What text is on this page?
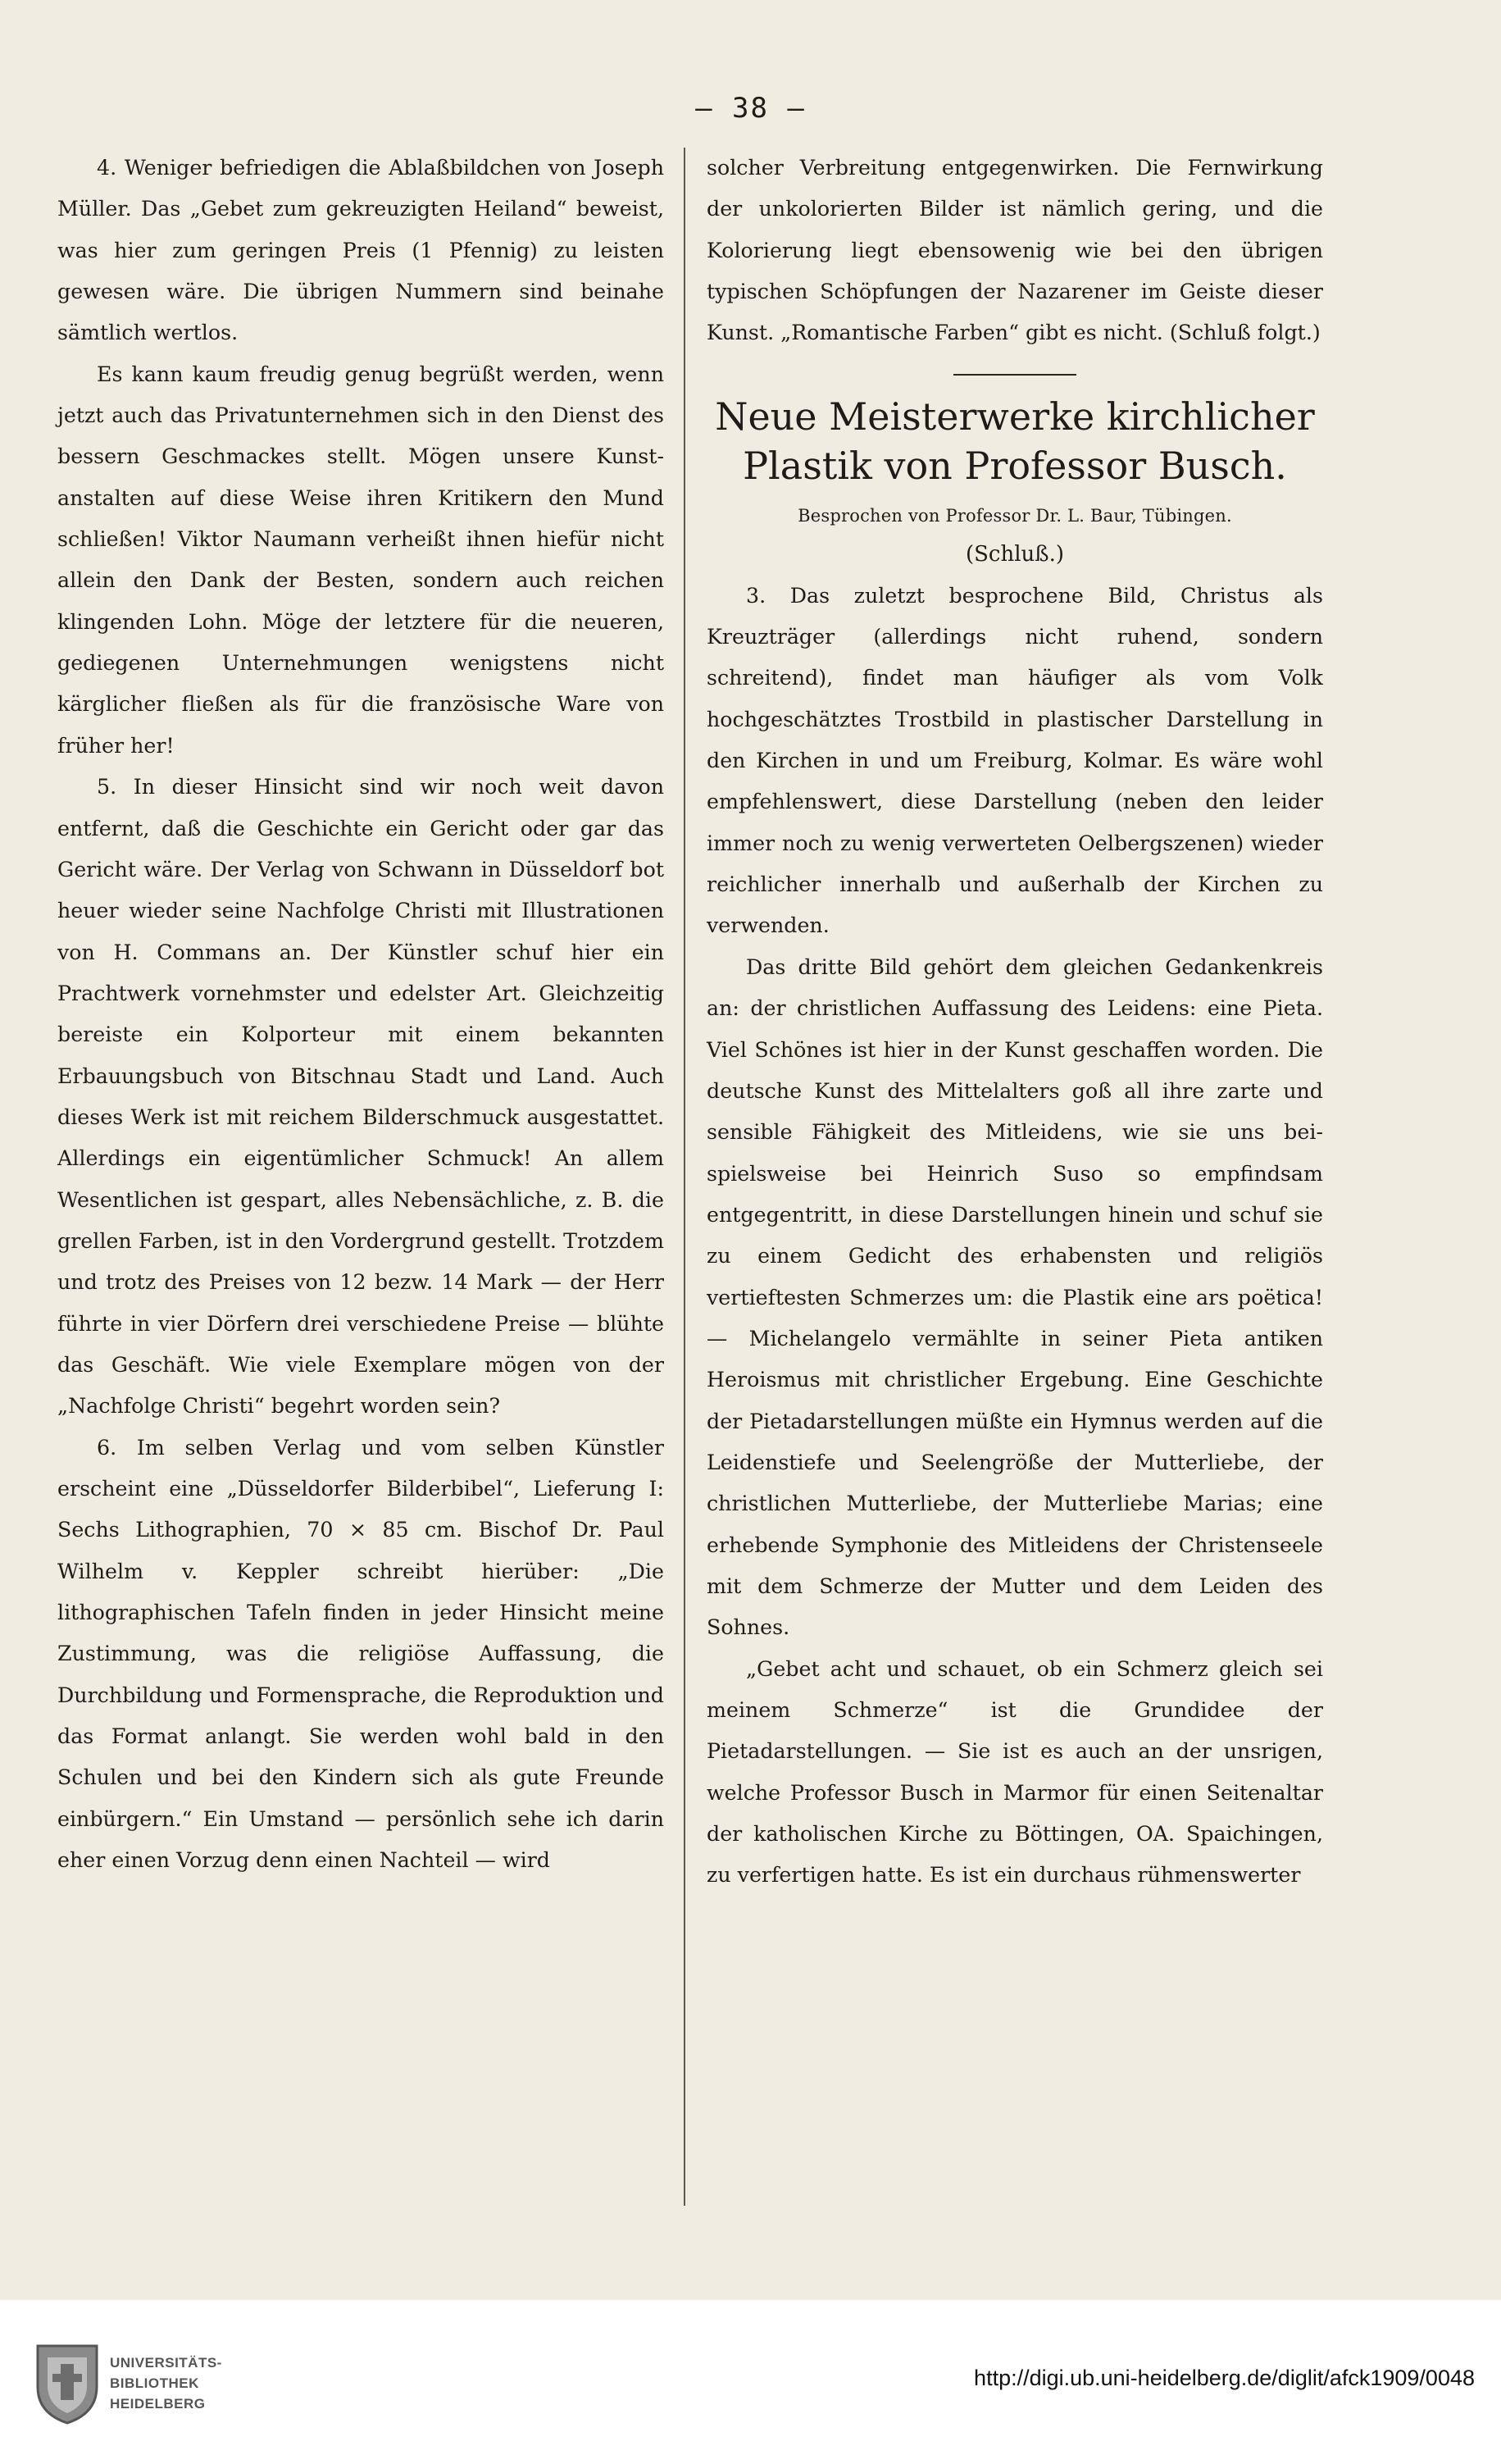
— 38 —

4. Weniger befriedigen die Ablaßbildchen von Joseph Müller. Das „Gebet zum gekreuzigten Heiland“ beweist, was hier zum geringen Preis (1 Pfennig) zu leisten gewesen wäre. Die übrigen Nummern sind beinahe sämtlich wertlos.

Es kann kaum freudig genug begrüßt werden, wenn jetzt auch das Privatunternehmen sich in den Dienst des bessern Geschmackes stellt. Mögen unsere Kunstanstalten auf diese Weise ihren Kritikern den Mund schließen! Viktor Naumann verheißt ihnen hiefür nicht allein den Dank der Besten, sondern auch reichen klingenden Lohn. Möge der letztere für die neueren, gediegenen Unternehmungen wenigstens nicht kärglicher fließen als für die französische Ware von früher her!

5. In dieser Hinsicht sind wir noch weit davon entfernt, daß die Geschichte ein Gericht oder gar das Gericht wäre. Der Verlag von Schwann in Düsseldorf bot heuer wieder seine Nachfolge Christi mit Illustrationen von H. Commans an. Der Künstler schuf hier ein Prachtwerk vornehmster und edelster Art. Gleichzeitig bereiste ein Kolporteur mit einem bekannten Erbauungsbuch von Bitschnau Stadt und Land. Auch dieses Werk ist mit reichem Bilderschmuck ausgestattet. Allerdings ein eigentümlicher Schmuck! An allem Wesentlichen ist gespart, alles Nebensächliche, z. B. die grellen Farben, ist in den Vordergrund gestellt. Trotzdem und trotz des Preises von 12 bezw. 14 Mark — der Herr führte in vier Dörfern drei verschiedene Preise — blühte das Geschäft. Wie viele Exemplare mögen von der „Nachfolge Christi“ begehrt worden sein?

6. Im selben Verlag und vom selben Künstler erscheint eine „Düsseldorfer Bilderbibel“, Lieferung I: Sechs Lithographien, 70 × 85 cm. Bischof Dr. Paul Wilhelm v. Keppler schreibt hierüber: „Die lithographischen Tafeln finden in jeder Hinsicht meine Zustimmung, was die religiöse Auffassung, die Durchbildung und Formensprache, die Reproduktion und das Format anlangt. Sie werden wohl bald in den Schulen und bei den Kindern sich als gute Freunde einbürgern.“ Ein Umstand — persönlich sehe ich darin eher einen Vorzug denn einen Nachteil — wird

solcher Verbreitung entgegenwirken. Die Fernwirkung der unkolorierten Bilder ist nämlich gering, und die Kolorierung liegt ebensowenig wie bei den übrigen typischen Schöpfungen der Nazarener im Geiste dieser Kunst. „Romantische Farben“ gibt es nicht. (Schluß folgt.)

Neue Meisterwerke kirchlicher Plastik von Professor Busch.
Besprochen von Professor Dr. L. Baur, Tübingen.
(Schluß.)

3. Das zuletzt besprochene Bild, Christus als Kreuzträger (allerdings nicht ruhend, sondern schreitend), findet man häufiger als vom Volk hochgeschätztes Trostbild in plastischer Darstellung in den Kirchen in und um Freiburg, Kolmar. Es wäre wohl empfehlenswert, diese Darstellung (neben den leider immer noch zu wenig verwerteten Oelbergszenen) wieder reichlicher innerhalb und außerhalb der Kirchen zu verwenden.

Das dritte Bild gehört dem gleichen Gedankenkreis an: der christlichen Auffassung des Leidens: eine Pieta. Viel Schönes ist hier in der Kunst geschaffen worden. Die deutsche Kunst des Mittelalters goß all ihre zarte und sensible Fähigkeit des Mitleidens, wie sie uns beispielsweise bei Heinrich Suso so empfindsam entgegentritt, in diese Darstellungen hinein und schuf sie zu einem Gedicht des erhabensten und religiös vertieftesten Schmerzes um: die Plastik eine ars poëtica! — Michelangelo vermählte in seiner Pieta antiken Heroismus mit christlicher Ergebung. Eine Geschichte der Pietadarstellungen müßte ein Hymnus werden auf die Leidenstiefe und Seelengröße der Mutterliebe, der christlichen Mutterliebe, der Mutterliebe Marias; eine erhebende Symphonie des Mitleidens der Christenseele mit dem Schmerze der Mutter und dem Leiden des Sohnes.

„Gebet acht und schauet, ob ein Schmerz gleich sei meinem Schmerze“ ist die Grundidee der Pietadarstellungen. — Sie ist es auch an der unsrigen, welche Professor Busch in Marmor für einen Seitenaltar der katholischen Kirche zu Böttingen, OA. Spaichingen, zu verfertigen hatte. Es ist ein durchaus rühmenswerter

UNIVERSITÄTS-
BIBLIOTHEK
HEIDELBERG
http://digi.ub.uni-heidelberg.de/diglit/afck1909/0048
